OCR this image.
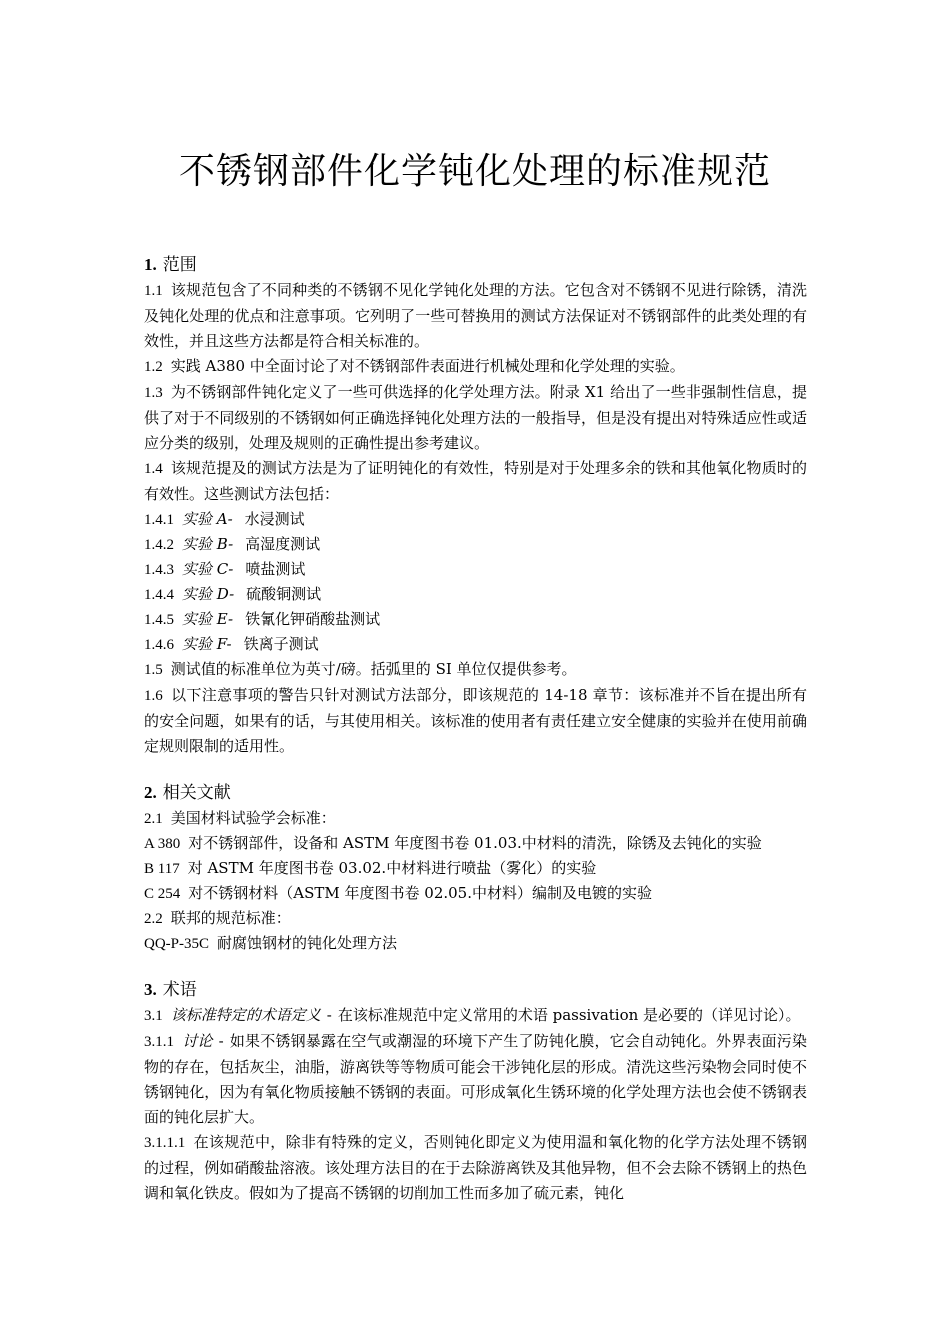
不锈钢部件化学钝化处理的标准规范
1. 范围

1.1 该规范包含了不同种类的不锈钢不见化学钝化处理的方法。它包含对不锈钢不见进行除锈，清洗及钝化处理的优点和注意事项。它列明了一些可替换用的测试方法保证对不锈钢部件的此类处理的有效性，并且这些方法都是符合相关标准的。

1.2 实践 A380 中全面讨论了对不锈钢部件表面进行机械处理和化学处理的实验。

1.3 为不锈钢部件钝化定义了一些可供选择的化学处理方法。附录 X1 给出了一些非强制性信息，提供了对于不同级别的不锈钢如何正确选择钝化处理方法的一般指导，但是没有提出对特殊适应性或适应分类的级别，处理及规则的正确性提出参考建议。

1.4 该规范提及的测试方法是为了证明钝化的有效性，特别是对于处理多余的铁和其他氧化物质时的有效性。这些测试方法包括：

1.4.1 实验 A- 水浸测试
1.4.2 实验 B- 高湿度测试
1.4.3 实验 C- 喷盐测试
1.4.4 实验 D- 硫酸铜测试
1.4.5 实验 E- 铁氰化钾硝酸盐测试
1.4.6 实验 F- 铁离子测试

1.5 测试值的标准单位为英寸/磅。括弧里的 SI 单位仅提供参考。

1.6 以下注意事项的警告只针对测试方法部分，即该规范的 14-18 章节：该标准并不旨在提出所有的安全问题，如果有的话，与其使用相关。该标准的使用者有责任建立安全健康的实验并在使用前确定规则限制的适用性。

2. 相关文献
2.1 美国材料试验学会标准：
A 380 对不锈钢部件，设备和 ASTM 年度图书卷 01.03.中材料的清洗，除锈及去钝化的实验
B 117 对 ASTM 年度图书卷 03.02.中材料进行喷盐（雾化）的实验
C 254 对不锈钢材料（ASTM 年度图书卷 02.05.中材料）编制及电镀的实验
2.2 联邦的规范标准：
QQ-P-35C 耐腐蚀钢材的钝化处理方法
3. 术语

3.1 该标准特定的术语定义 - 在该标准规范中定义常用的术语 passivation 是必要的（详见讨论）。

3.1.1 讨论 - 如果不锈钢暴露在空气或潮湿的环境下产生了防钝化膜，它会自动钝化。外界表面污染物的存在，包括灰尘，油脂，游离铁等等物质可能会干涉钝化层的形成。清洗这些污染物会同时使不锈钢钝化，因为有氧化物质接触不锈钢的表面。可形成氧化生锈环境的化学处理方法也会使不锈钢表面的钝化层扩大。

3.1.1.1 在该规范中，除非有特殊的定义，否则钝化即定义为使用温和氧化物的化学方法处理不锈钢的过程，例如硝酸盐溶液。该处理方法目的在于去除游离铁及其他异物，但不会去除不锈钢上的热色调和氧化铁皮。假如为了提高不锈钢的切削加工性而多加了硫元素，钝化
